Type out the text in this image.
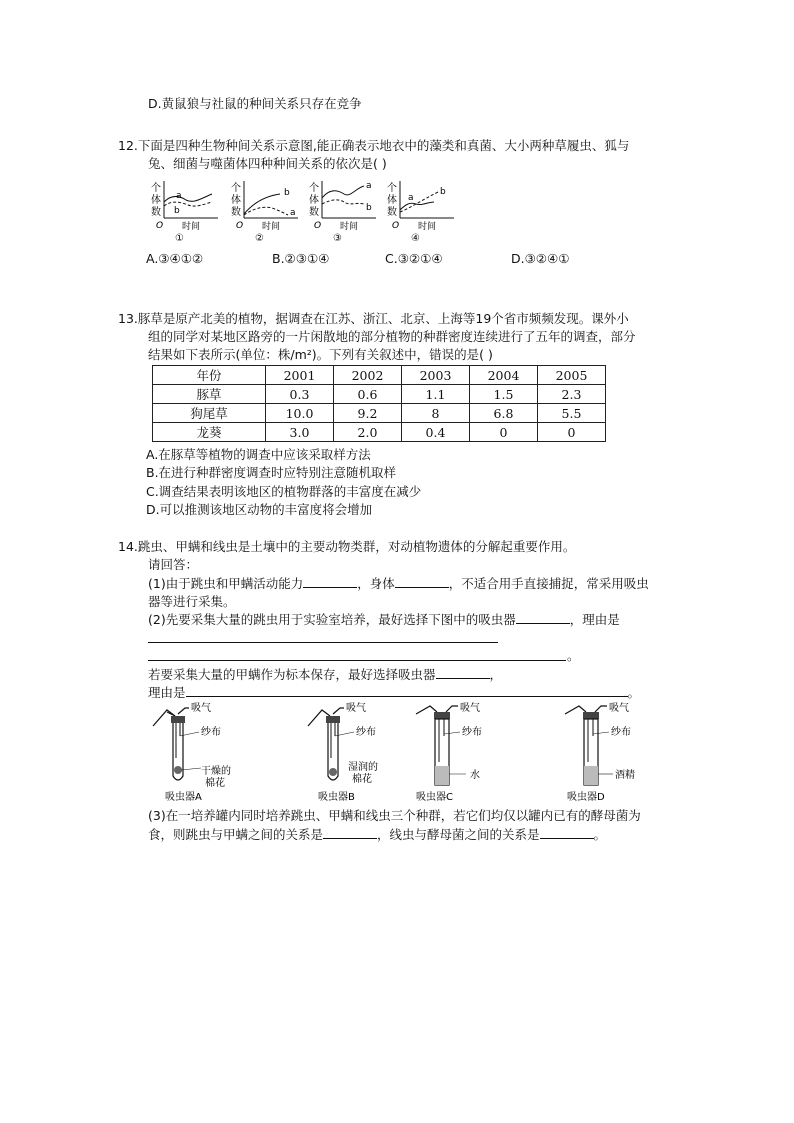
D.黄鼠狼与社鼠的种间关系只存在竞争
12.下面是四种生物种间关系示意图,能正确表示地衣中的藻类和真菌、大小两种草履虫、狐与
兔、细菌与噬菌体四种种间关系的依次是( )
个
体
数
a
b
O 时间
①
个
体
数
b
a
O 时间
②
个
体
数
a
b
O 时间
③
个
体
数
a
b
O 时间
④
A.③④①②	B.②③①④	C.③②①④	D.③②④①
13.豚草是原产北美的植物，据调查在江苏、浙江、北京、上海等19个省市频频发现。课外小
组的同学对某地区路旁的一片闲散地的部分植物的种群密度连续进行了五年的调查，部分
结果如下表所示(单位：株/m²)。下列有关叙述中，错误的是( )
年份	2001	2002	2003	2004	2005
豚草	0.3	0.6	1.1	1.5	2.3
狗尾草	10.0	9.2	8	6.8	5.5
龙葵	3.0	2.0	0.4	0	0
A.在豚草等植物的调查中应该采取样方法
B.在进行种群密度调查时应特别注意随机取样
C.调查结果表明该地区的植物群落的丰富度在减少
D.可以推测该地区动物的丰富度将会增加
14.跳虫、甲螨和线虫是土壤中的主要动物类群，对动植物遗体的分解起重要作用。
请回答：
(1)由于跳虫和甲螨活动能力	，身体	，不适合用手直接捕捉，常采用吸虫
器等进行采集。
(2)先要采集大量的跳虫用于实验室培养，最好选择下图中的吸虫器	，理由是
。
若要采集大量的甲螨作为标本保存，最好选择吸虫器	，
理由是	。
吸气
纱布
干燥的
棉花
吸虫器A
吸气
纱布
湿润的
棉花
吸虫器B
吸气
纱布
水
吸虫器C
吸气
纱布
酒精
吸虫器D
(3)在一培养罐内同时培养跳虫、甲螨和线虫三个种群，若它们均仅以罐内已有的酵母菌为
食，则跳虫与甲螨之间的关系是	，线虫与酵母菌之间的关系是	。
